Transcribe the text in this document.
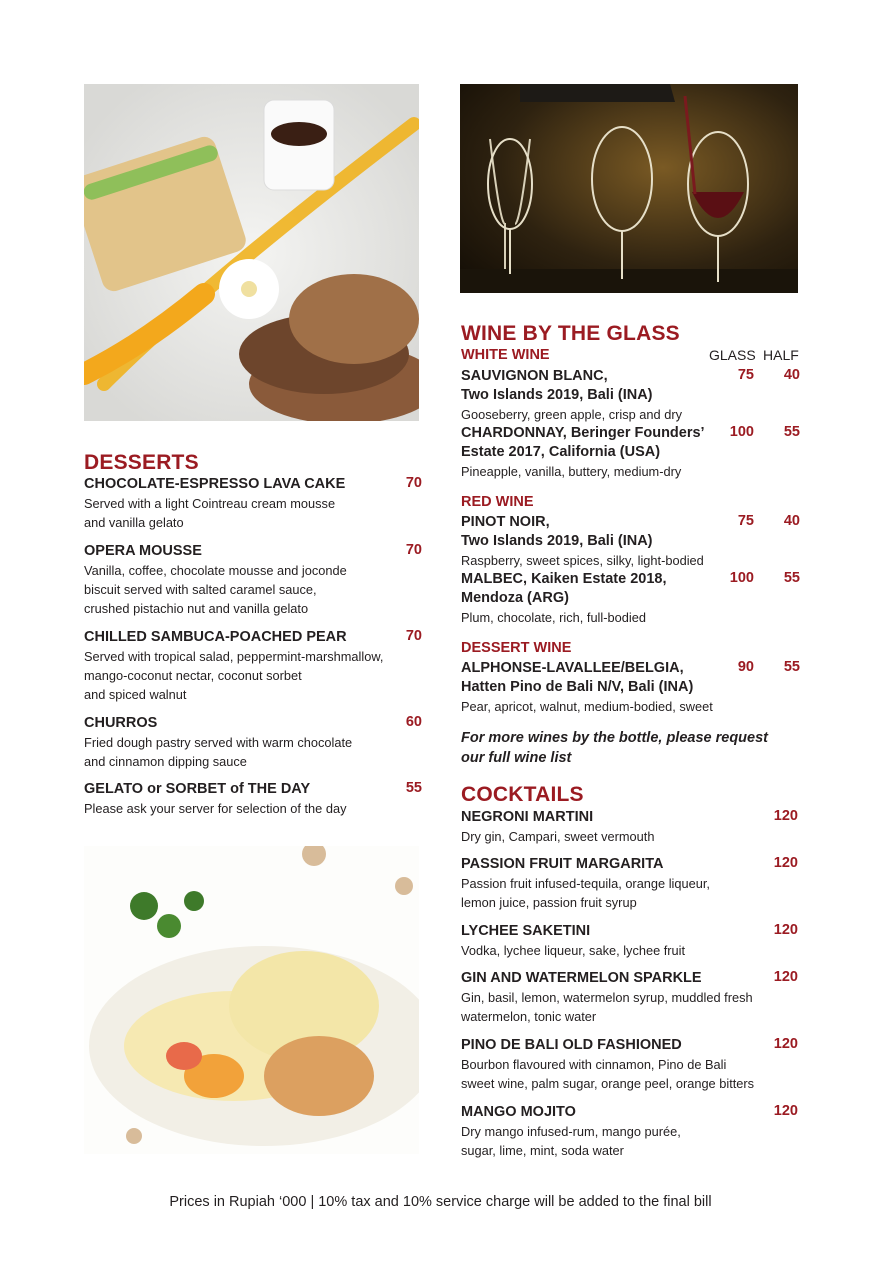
DESSERTS
CHOCOLATE-ESPRESSO LAVA CAKE
Served with a light Cointreau cream mousse
and vanilla gelato
70
OPERA MOUSSE
Vanilla, coffee, chocolate mousse and joconde
biscuit served with salted caramel sauce,
crushed pistachio nut and vanilla gelato
70
CHILLED SAMBUCA-POACHED PEAR
Served with tropical salad, peppermint-marshmallow,
mango-coconut nectar, coconut sorbet
and spiced walnut
70
CHURROS
Fried dough pastry served with warm chocolate
and cinnamon dipping sauce
60
GELATO or SORBET of THE DAY
Please ask your server for selection of the day
55
WINE BY THE GLASS
WHITE WINE	GLASS HALF
SAUVIGNON BLANC,
Two Islands 2019, Bali (INA)
Gooseberry, green apple, crisp and dry
75	40
CHARDONNAY, Beringer Founders’
Estate 2017, California (USA)
Pineapple, vanilla, buttery, medium-dry
100	55
RED WINE
PINOT NOIR,
Two Islands 2019, Bali (INA)
Raspberry, sweet spices, silky, light-bodied
75	40
MALBEC, Kaiken Estate 2018,
Mendoza (ARG)
Plum, chocolate, rich, full-bodied
100	55
DESSERT WINE
ALPHONSE-LAVALLEE/BELGIA,
Hatten Pino de Bali N/V, Bali (INA)
Pear, apricot, walnut, medium-bodied, sweet
90	55
For more wines by the bottle, please request
our full wine list
COCKTAILS
NEGRONI MARTINI
Dry gin, Campari, sweet vermouth
120
PASSION FRUIT MARGARITA
Passion fruit infused-tequila, orange liqueur,
lemon juice, passion fruit syrup
120
LYCHEE SAKETINI
Vodka, lychee liqueur, sake, lychee fruit
120
GIN AND WATERMELON SPARKLE
Gin, basil, lemon, watermelon syrup, muddled fresh
watermelon, tonic water
120
PINO DE BALI OLD FASHIONED
Bourbon flavoured with cinnamon, Pino de Bali
sweet wine, palm sugar, orange peel, orange bitters
120
MANGO MOJITO
Dry mango infused-rum, mango purée,
sugar, lime, mint, soda water
120
Prices in Rupiah ‘000 | 10% tax and 10% service charge will be added to the final bill
